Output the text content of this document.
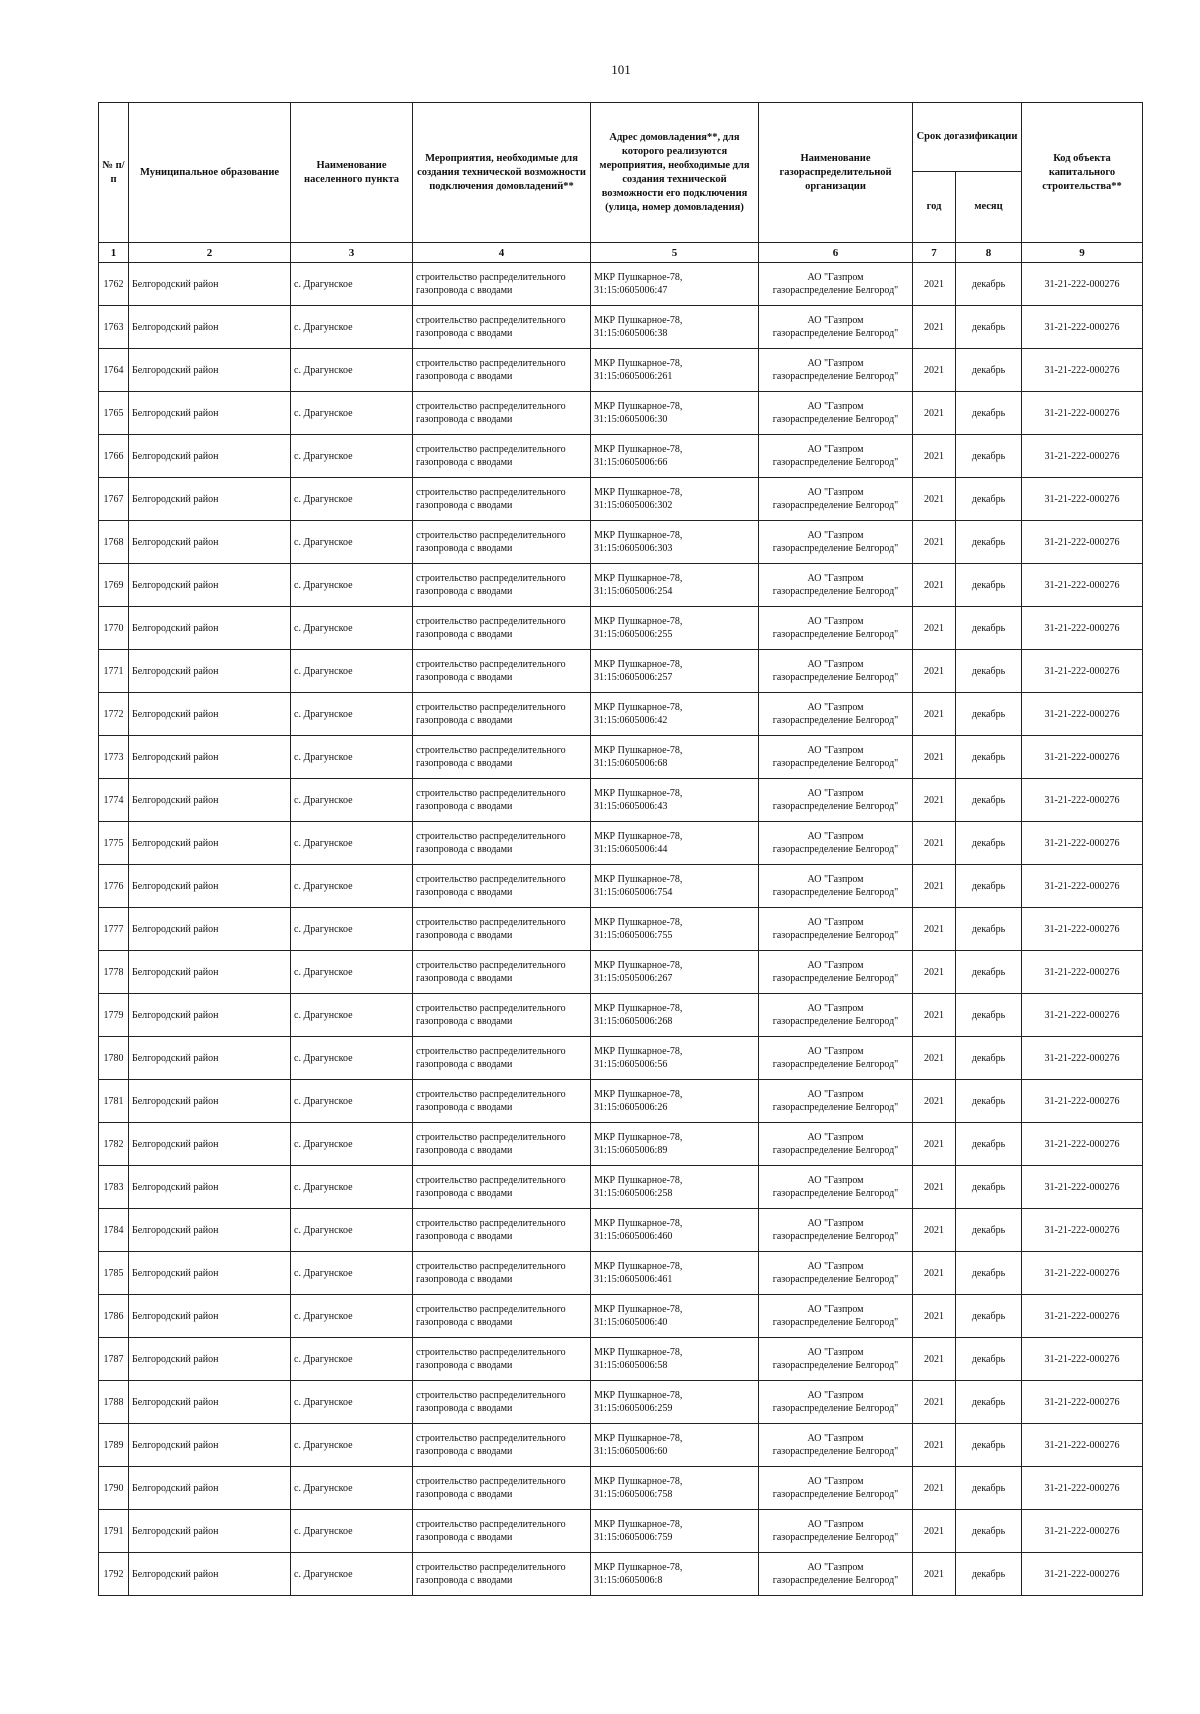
101
№ п/п	Муниципальное образование	Наименование населенного пункта	Мероприятия, необходимые для создания технической возможности подключения домовладений**	Адрес домовладения**, для которого реализуются мероприятия, необходимые для создания технической возможности его подключения (улица, номер домовладения)	Наименование газораспределительной организации	Срок догазификации		Код объекта капитального строительства**
						год	месяц	
1	2	3	4	5	6	7	8	9
1762	Белгородский район	с. Драгунское	строительство распределительного газопровода с вводами	МКР Пушкарное-78,
31:15:0605006:47	АО "Газпром
газораспределение Белгород"	2021	декабрь	31-21-222-000276
1763	Белгородский район	с. Драгунское	строительство распределительного газопровода с вводами	МКР Пушкарное-78,
31:15:0605006:38	АО "Газпром
газораспределение Белгород"	2021	декабрь	31-21-222-000276
1764	Белгородский район	с. Драгунское	строительство распределительного газопровода с вводами	МКР Пушкарное-78,
31:15:0605006:261	АО "Газпром
газораспределение Белгород"	2021	декабрь	31-21-222-000276
1765	Белгородский район	с. Драгунское	строительство распределительного газопровода с вводами	МКР Пушкарное-78,
31:15:0605006:30	АО "Газпром
газораспределение Белгород"	2021	декабрь	31-21-222-000276
1766	Белгородский район	с. Драгунское	строительство распределительного газопровода с вводами	МКР Пушкарное-78,
31:15:0605006:66	АО "Газпром
газораспределение Белгород"	2021	декабрь	31-21-222-000276
1767	Белгородский район	с. Драгунское	строительство распределительного газопровода с вводами	МКР Пушкарное-78,
31:15:0605006:302	АО "Газпром
газораспределение Белгород"	2021	декабрь	31-21-222-000276
1768	Белгородский район	с. Драгунское	строительство распределительного газопровода с вводами	МКР Пушкарное-78,
31:15:0605006:303	АО "Газпром
газораспределение Белгород"	2021	декабрь	31-21-222-000276
1769	Белгородский район	с. Драгунское	строительство распределительного газопровода с вводами	МКР Пушкарное-78,
31:15:0605006:254	АО "Газпром
газораспределение Белгород"	2021	декабрь	31-21-222-000276
1770	Белгородский район	с. Драгунское	строительство распределительного газопровода с вводами	МКР Пушкарное-78,
31:15:0605006:255	АО "Газпром
газораспределение Белгород"	2021	декабрь	31-21-222-000276
1771	Белгородский район	с. Драгунское	строительство распределительного газопровода с вводами	МКР Пушкарное-78,
31:15:0605006:257	АО "Газпром
газораспределение Белгород"	2021	декабрь	31-21-222-000276
1772	Белгородский район	с. Драгунское	строительство распределительного газопровода с вводами	МКР Пушкарное-78,
31:15:0605006:42	АО "Газпром
газораспределение Белгород"	2021	декабрь	31-21-222-000276
1773	Белгородский район	с. Драгунское	строительство распределительного газопровода с вводами	МКР Пушкарное-78,
31:15:0605006:68	АО "Газпром
газораспределение Белгород"	2021	декабрь	31-21-222-000276
1774	Белгородский район	с. Драгунское	строительство распределительного газопровода с вводами	МКР Пушкарное-78,
31:15:0605006:43	АО "Газпром
газораспределение Белгород"	2021	декабрь	31-21-222-000276
1775	Белгородский район	с. Драгунское	строительство распределительного газопровода с вводами	МКР Пушкарное-78,
31:15:0605006:44	АО "Газпром
газораспределение Белгород"	2021	декабрь	31-21-222-000276
1776	Белгородский район	с. Драгунское	строительство распределительного газопровода с вводами	МКР Пушкарное-78,
31:15:0605006:754	АО "Газпром
газораспределение Белгород"	2021	декабрь	31-21-222-000276
1777	Белгородский район	с. Драгунское	строительство распределительного газопровода с вводами	МКР Пушкарное-78,
31:15:0605006:755	АО "Газпром
газораспределение Белгород"	2021	декабрь	31-21-222-000276
1778	Белгородский район	с. Драгунское	строительство распределительного газопровода с вводами	МКР Пушкарное-78,
31:15:0505006:267	АО "Газпром
газораспределение Белгород"	2021	декабрь	31-21-222-000276
1779	Белгородский район	с. Драгунское	строительство распределительного газопровода с вводами	МКР Пушкарное-78,
31:15:0605006:268	АО "Газпром
газораспределение Белгород"	2021	декабрь	31-21-222-000276
1780	Белгородский район	с. Драгунское	строительство распределительного газопровода с вводами	МКР Пушкарное-78,
31:15:0605006:56	АО "Газпром
газораспределение Белгород"	2021	декабрь	31-21-222-000276
1781	Белгородский район	с. Драгунское	строительство распределительного газопровода с вводами	МКР Пушкарное-78,
31:15:0605006:26	АО "Газпром
газораспределение Белгород"	2021	декабрь	31-21-222-000276
1782	Белгородский район	с. Драгунское	строительство распределительного газопровода с вводами	МКР Пушкарное-78,
31:15:0605006:89	АО "Газпром
газораспределение Белгород"	2021	декабрь	31-21-222-000276
1783	Белгородский район	с. Драгунское	строительство распределительного газопровода с вводами	МКР Пушкарное-78,
31:15:0605006:258	АО "Газпром
газораспределение Белгород"	2021	декабрь	31-21-222-000276
1784	Белгородский район	с. Драгунское	строительство распределительного газопровода с вводами	МКР Пушкарное-78,
31:15:0605006:460	АО "Газпром
газораспределение Белгород"	2021	декабрь	31-21-222-000276
1785	Белгородский район	с. Драгунское	строительство распределительного газопровода с вводами	МКР Пушкарное-78,
31:15:0605006:461	АО "Газпром
газораспределение Белгород"	2021	декабрь	31-21-222-000276
1786	Белгородский район	с. Драгунское	строительство распределительного газопровода с вводами	МКР Пушкарное-78,
31:15:0605006:40	АО "Газпром
газораспределение Белгород"	2021	декабрь	31-21-222-000276
1787	Белгородский район	с. Драгунское	строительство распределительного газопровода с вводами	МКР Пушкарное-78,
31:15:0605006:58	АО "Газпром
газораспределение Белгород"	2021	декабрь	31-21-222-000276
1788	Белгородский район	с. Драгунское	строительство распределительного газопровода с вводами	МКР Пушкарное-78,
31:15:0605006:259	АО "Газпром
газораспределение Белгород"	2021	декабрь	31-21-222-000276
1789	Белгородский район	с. Драгунское	строительство распределительного газопровода с вводами	МКР Пушкарное-78,
31:15:0605006:60	АО "Газпром
газораспределение Белгород"	2021	декабрь	31-21-222-000276
1790	Белгородский район	с. Драгунское	строительство распределительного газопровода с вводами	МКР Пушкарное-78,
31:15:0605006:758	АО "Газпром
газораспределение Белгород"	2021	декабрь	31-21-222-000276
1791	Белгородский район	с. Драгунское	строительство распределительного газопровода с вводами	МКР Пушкарное-78,
31:15:0605006:759	АО "Газпром
газораспределение Белгород"	2021	декабрь	31-21-222-000276
1792	Белгородский район	с. Драгунское	строительство распределительного газопровода с вводами	МКР Пушкарное-78,
31:15:0605006:8	АО "Газпром
газораспределение Белгород"	2021	декабрь	31-21-222-000276
